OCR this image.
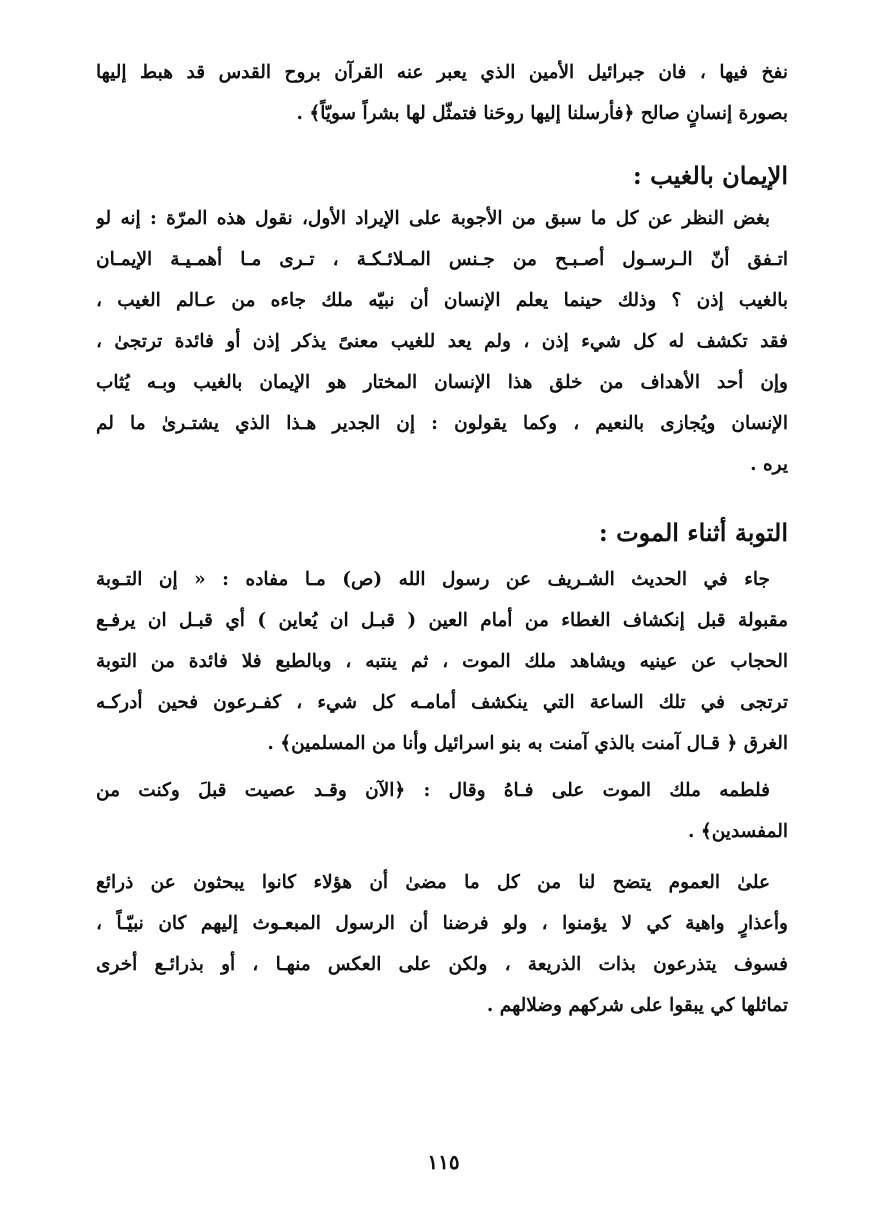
نفخ فيها ، فان جبرائيل الأمين الذي يعبر عنه القرآن بروح القدس قد هبط إليها
بصورة إنسانٍ صالح ﴿فأرسلنا إليها روحَنا فتمثّل لها بشراً سويّاً﴾ .
الإيمان بالغيب :
بغض النظر عن كل ما سبق من الأجوبة على الإيراد الأول، نقول هذه المرّة : إنه لو
اتـفق أنّ الـرسـول أصـبـح من جـنس المـلائـكـة ، تـرى مـا أهمـيـة الإيمـان
بالغيب إذن ؟ وذلك حينما يعلم الإنسان أن نبيّه ملك جاءه من عـالم الغيب ،
فقد تكشف له كل شيء إذن ، ولم يعد للغيب معنىً يذكر إذن أو فائدة ترتجىٰ ،
وإن أحد الأهداف من خلق هذا الإنسان المختار هو الإيمان بالغيب وبـه يُثاب
الإنسان ويُجازى بالنعيم ، وكما يقولون : إن الجدير هـذا الذي يشتـرىٰ ما لم
يره .
التوبة أثناء الموت :
جاء في الحديث الشـريف عن رسول الله (ص) مـا مفاده : « إن التـوبة
مقبولة قبل إنكشاف الغطاء من أمام العين ( قبـل ان يُعاين ) أي قبـل ان يرفـع
الحجاب عن عينيه ويشاهد ملك الموت ، ثم ينتبه ، وبالطبع فلا فائدة من التوبة
ترتجى في تلك الساعة التي ينكشف أمامـه كل شيء ، كفـرعون فحين أدركـه
الغرق ﴿ قـال آمنت بالذي آمنت به بنو اسرائيل وأنا من المسلمين﴾ .
فلطمه ملك الموت على فـاهُ وقال : ﴿الآن وقـد عصيت قبلَ وكنت من
المفسدين﴾ .
علىٰ العموم يتضح لنا من كل ما مضىٰ أن هؤلاء كانوا يبحثون عن ذرائع
وأعذارٍ واهية كي لا يؤمنوا ، ولو فرضنا أن الرسول المبعـوث إليهم كان نبيّـاً ،
فسوف يتذرعون بذات الذريعة ، ولكن على العكس منهـا ، أو بذرائـع أخرى
تماثلها كي يبقوا على شركهم وضلالهم .
١١٥
